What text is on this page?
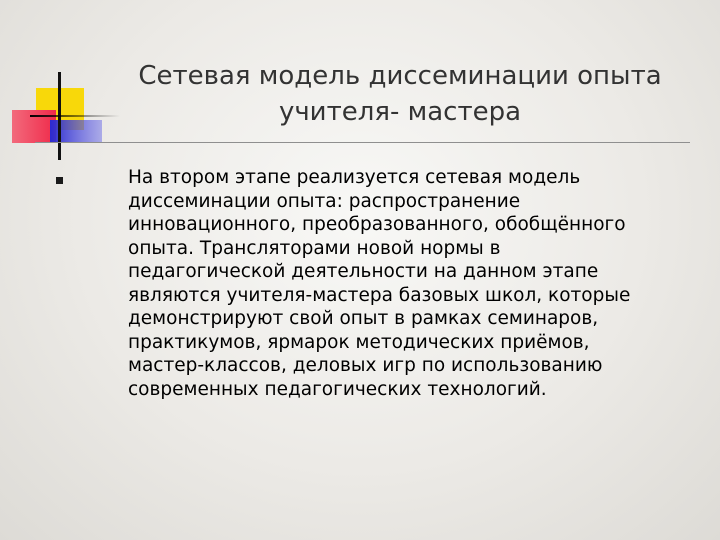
Сетевая модель диссеминации опыта
учителя- мастера
На втором этапе реализуется сетевая модель
диссеминации опыта: распространение
инновационного, преобразованного, обобщённого
опыта. Трансляторами новой нормы в
педагогической деятельности на данном этапе
являются учителя-мастера базовых школ, которые
демонстрируют свой опыт в рамках семинаров,
практикумов, ярмарок методических приёмов,
мастер-классов, деловых игр по использованию
современных педагогических технологий.
